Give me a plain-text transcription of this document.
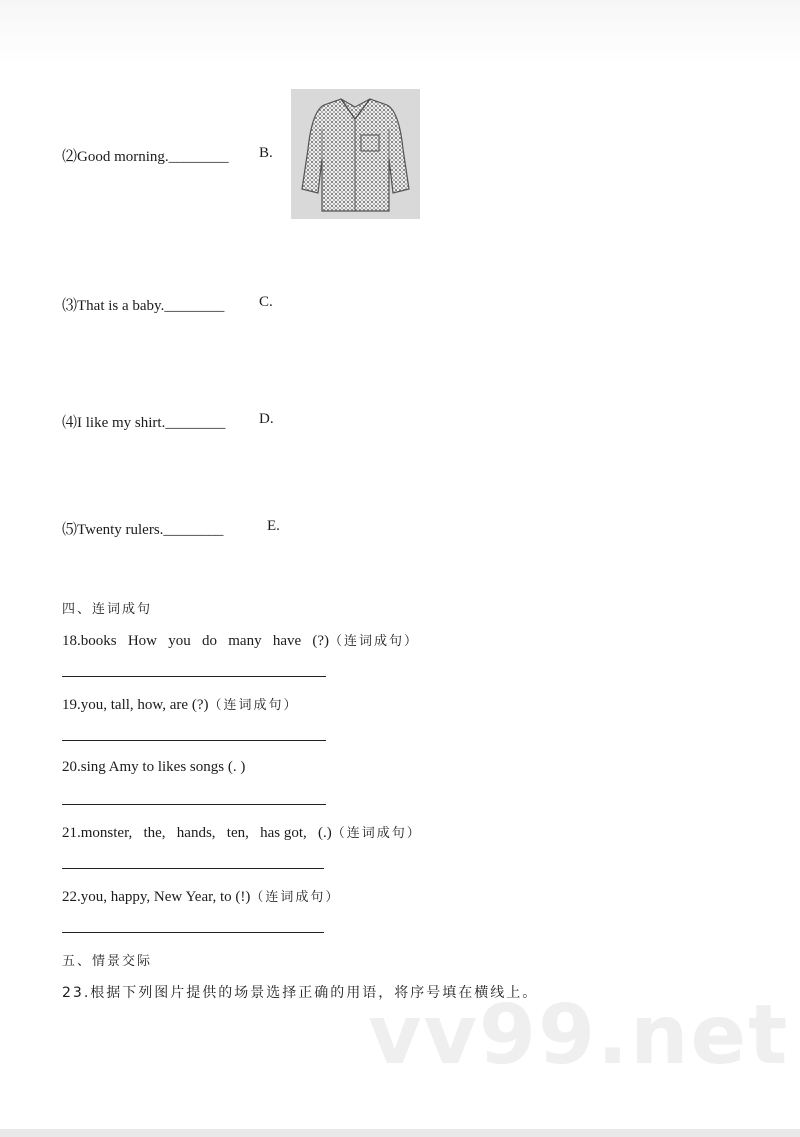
⑵Good morning.________ B.
⑶That is a baby.________ C.
⑷I like my shirt.________ D.
⑸Twenty rulers.________	E.
四、连词成句
18.books   How   you   do   many   have   (?)（连词成句）
19.you, tall, how, are (?)（连词成句）
20.sing Amy to likes songs (. )
21.monster,   the,   hands,   ten,   has got,   (.)（连词成句）
22.you, happy, New Year, to (!)（连词成句）
五、情景交际
23.根据下列图片提供的场景选择正确的用语，将序号填在横线上。
vv99.net
